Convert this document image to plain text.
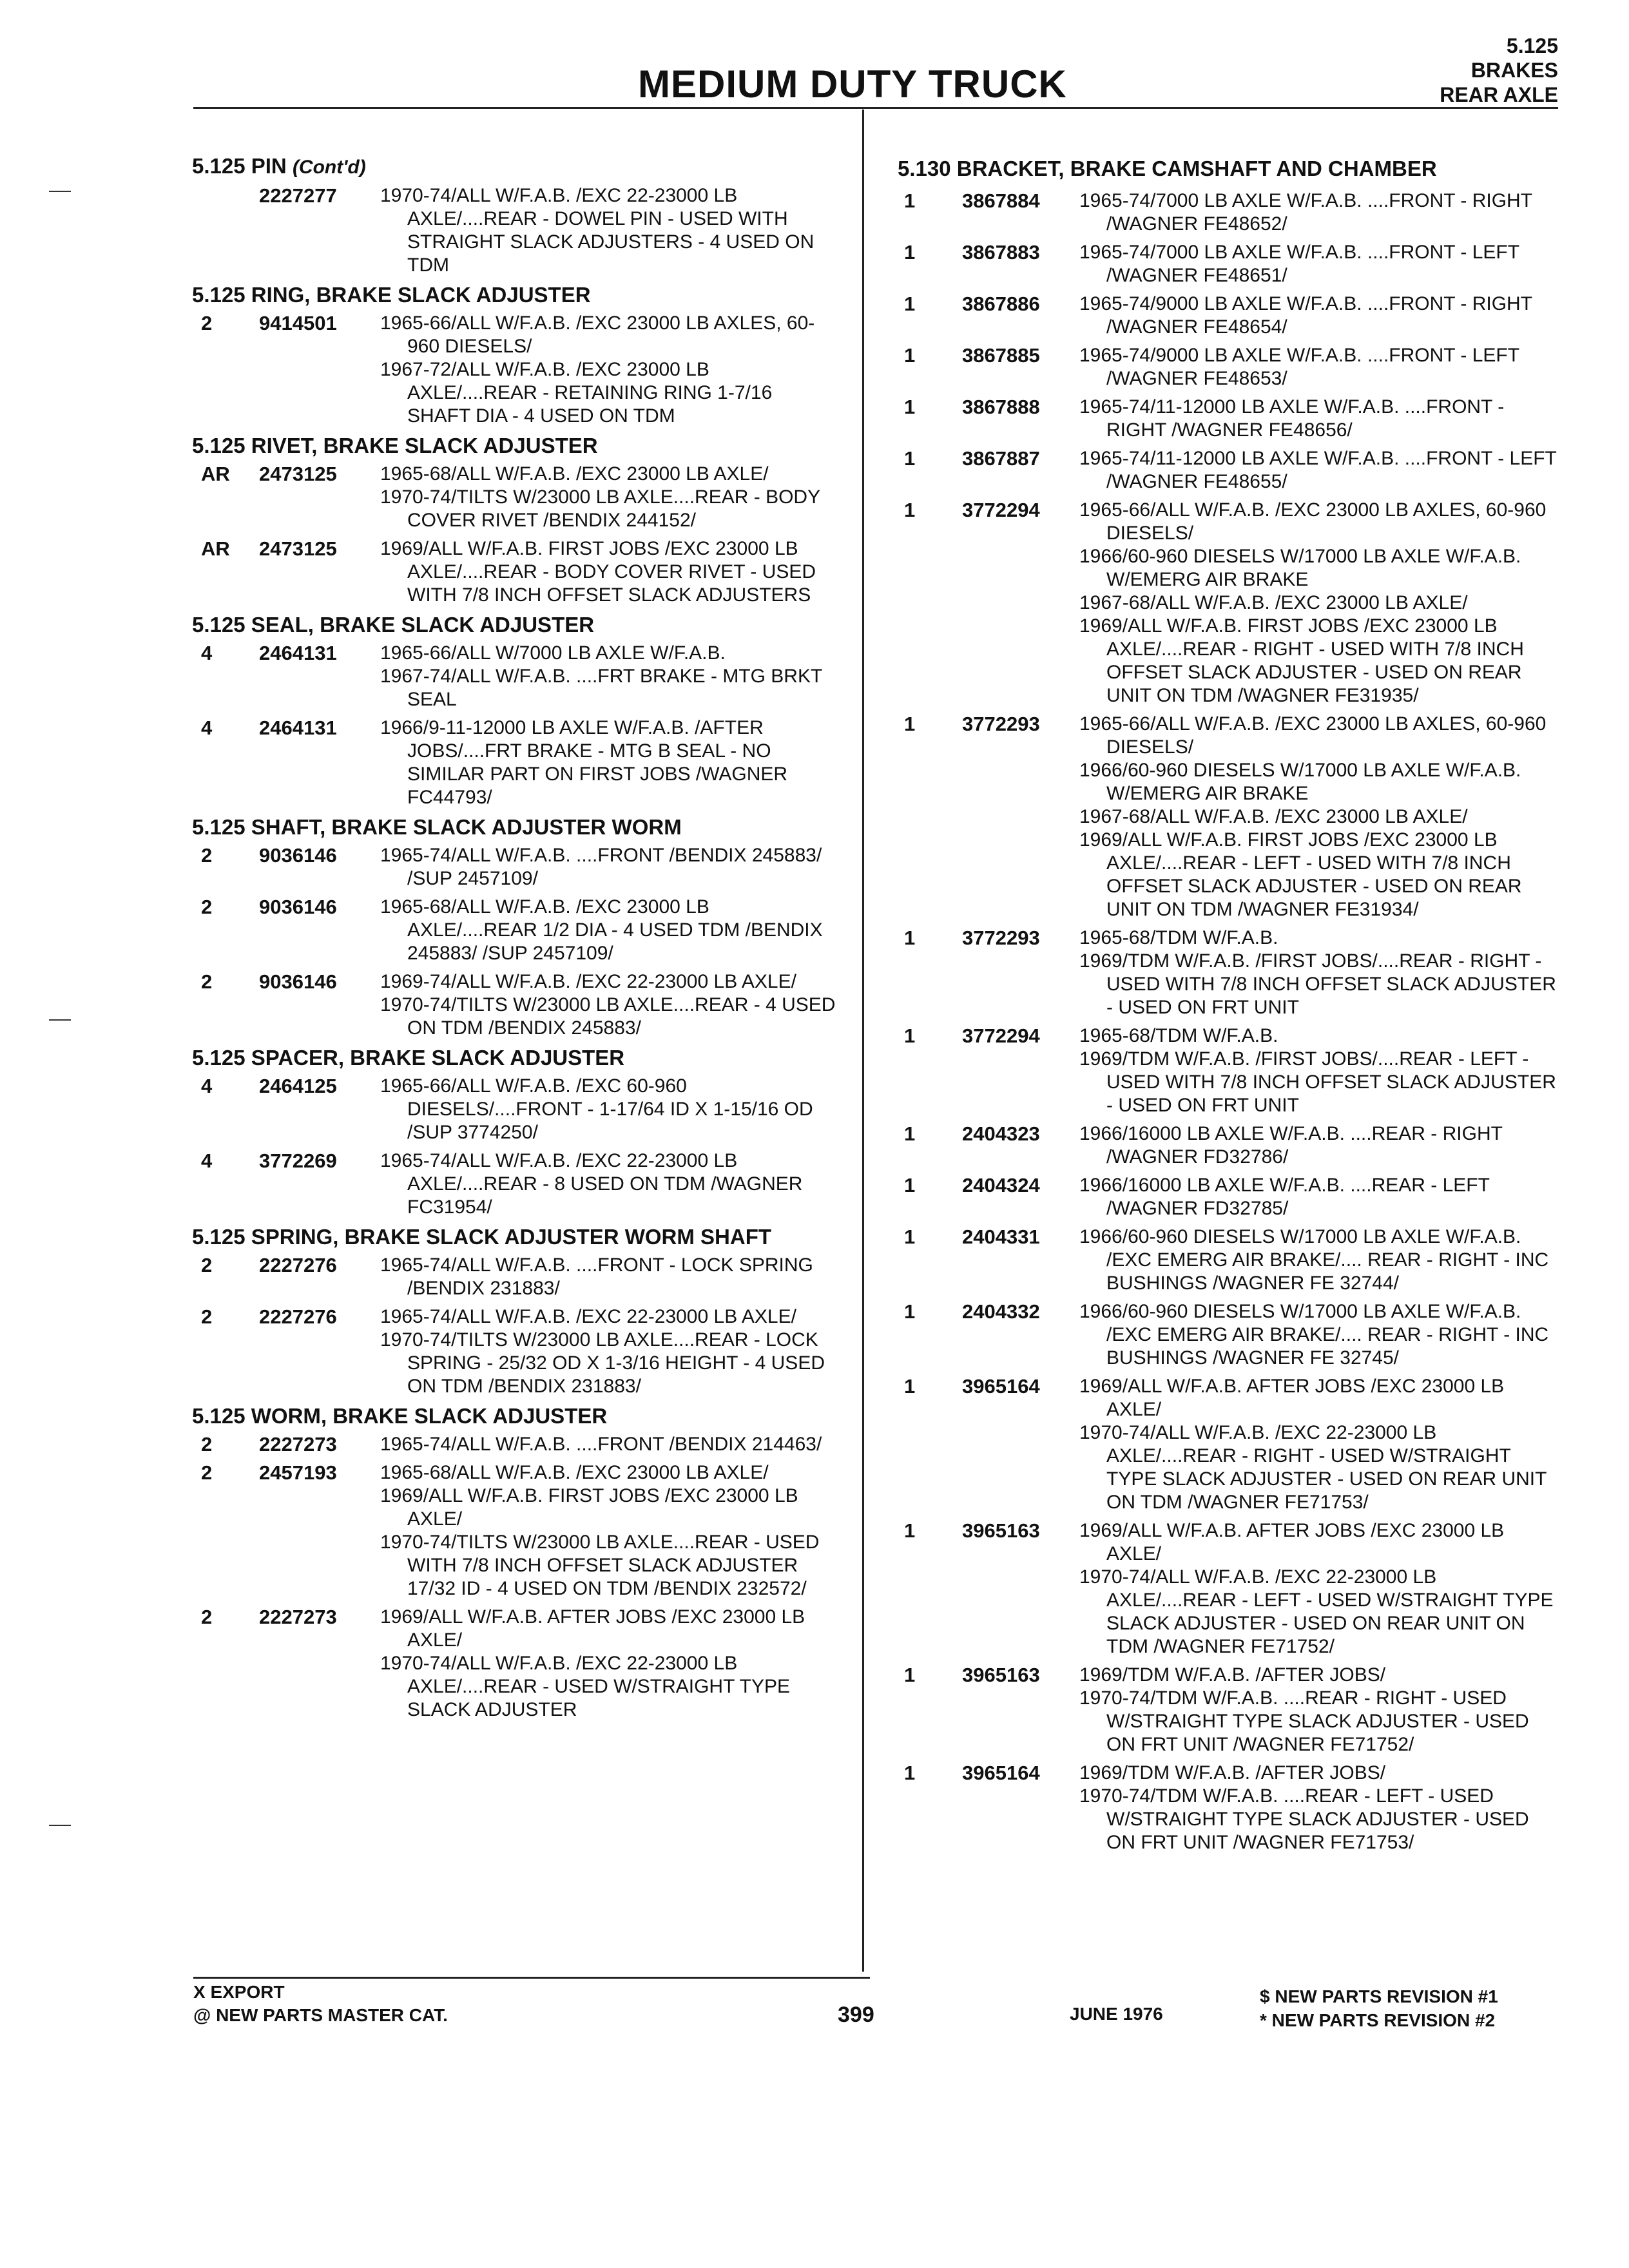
MEDIUM DUTY TRUCK
5.125
BRAKES
REAR AXLE
5.125 PIN (Cont'd)
2227277	1970-74/ALL W/F.A.B. /EXC 22-23000 LB AXLE/....REAR - DOWEL PIN - USED WITH STRAIGHT SLACK ADJUSTERS - 4 USED ON TDM
5.125 RING, BRAKE SLACK ADJUSTER
2	9414501	1965-66/ALL W/F.A.B. /EXC 23000 LB AXLES, 60-960 DIESELS/
1967-72/ALL W/F.A.B. /EXC 23000 LB AXLE/....REAR - RETAINING RING 1-7/16 SHAFT DIA - 4 USED ON TDM
5.125 RIVET, BRAKE SLACK ADJUSTER
AR	2473125	1965-68/ALL W/F.A.B. /EXC 23000 LB AXLE/
1970-74/TILTS W/23000 LB AXLE....REAR - BODY COVER RIVET /BENDIX 244152/
AR	2473125	1969/ALL W/F.A.B. FIRST JOBS /EXC 23000 LB AXLE/....REAR - BODY COVER RIVET - USED WITH 7/8 INCH OFFSET SLACK ADJUSTERS
5.125 SEAL, BRAKE SLACK ADJUSTER
4	2464131	1965-66/ALL W/7000 LB AXLE W/F.A.B.
1967-74/ALL W/F.A.B. ....FRT BRAKE - MTG BRKT SEAL
4	2464131	1966/9-11-12000 LB AXLE W/F.A.B. /AFTER JOBS/....FRT BRAKE - MTG B SEAL - NO SIMILAR PART ON FIRST JOBS /WAGNER FC44793/
5.125 SHAFT, BRAKE SLACK ADJUSTER WORM
2	9036146	1965-74/ALL W/F.A.B. ....FRONT /BENDIX 245883/ /SUP 2457109/
2	9036146	1965-68/ALL W/F.A.B. /EXC 23000 LB AXLE/....REAR 1/2 DIA - 4 USED TDM /BENDIX 245883/ /SUP 2457109/
2	9036146	1969-74/ALL W/F.A.B. /EXC 22-23000 LB AXLE/
1970-74/TILTS W/23000 LB AXLE....REAR - 4 USED ON TDM /BENDIX 245883/
5.125 SPACER, BRAKE SLACK ADJUSTER
4	2464125	1965-66/ALL W/F.A.B. /EXC 60-960 DIESELS/....FRONT - 1-17/64 ID X 1-15/16 OD /SUP 3774250/
4	3772269	1965-74/ALL W/F.A.B. /EXC 22-23000 LB AXLE/....REAR - 8 USED ON TDM /WAGNER FC31954/
5.125 SPRING, BRAKE SLACK ADJUSTER WORM SHAFT
2	2227276	1965-74/ALL W/F.A.B. ....FRONT - LOCK SPRING /BENDIX 231883/
2	2227276	1965-74/ALL W/F.A.B. /EXC 22-23000 LB AXLE/
1970-74/TILTS W/23000 LB AXLE....REAR - LOCK SPRING - 25/32 OD X 1-3/16 HEIGHT - 4 USED ON TDM /BENDIX 231883/
5.125 WORM, BRAKE SLACK ADJUSTER
2	2227273	1965-74/ALL W/F.A.B. ....FRONT /BENDIX 214463/
2	2457193	1965-68/ALL W/F.A.B. /EXC 23000 LB AXLE/
1969/ALL W/F.A.B. FIRST JOBS /EXC 23000 LB AXLE/
1970-74/TILTS W/23000 LB AXLE....REAR - USED WITH 7/8 INCH OFFSET SLACK ADJUSTER 17/32 ID - 4 USED ON TDM /BENDIX 232572/
2	2227273	1969/ALL W/F.A.B. AFTER JOBS /EXC 23000 LB AXLE/
1970-74/ALL W/F.A.B. /EXC 22-23000 LB AXLE/....REAR - USED W/STRAIGHT TYPE SLACK ADJUSTER
5.130 BRACKET, BRAKE CAMSHAFT AND CHAMBER
1	3867884	1965-74/7000 LB AXLE W/F.A.B. ....FRONT - RIGHT /WAGNER FE48652/
1	3867883	1965-74/7000 LB AXLE W/F.A.B. ....FRONT - LEFT /WAGNER FE48651/
1	3867886	1965-74/9000 LB AXLE W/F.A.B. ....FRONT - RIGHT /WAGNER FE48654/
1	3867885	1965-74/9000 LB AXLE W/F.A.B. ....FRONT - LEFT /WAGNER FE48653/
1	3867888	1965-74/11-12000 LB AXLE W/F.A.B. ....FRONT - RIGHT /WAGNER FE48656/
1	3867887	1965-74/11-12000 LB AXLE W/F.A.B. ....FRONT - LEFT /WAGNER FE48655/
1	3772294	1965-66/ALL W/F.A.B. /EXC 23000 LB AXLES, 60-960 DIESELS/
1966/60-960 DIESELS W/17000 LB AXLE W/F.A.B. W/EMERG AIR BRAKE
1967-68/ALL W/F.A.B. /EXC 23000 LB AXLE/
1969/ALL W/F.A.B. FIRST JOBS /EXC 23000 LB AXLE/....REAR - RIGHT - USED WITH 7/8 INCH OFFSET SLACK ADJUSTER - USED ON REAR UNIT ON TDM /WAGNER FE31935/
1	3772293	1965-66/ALL W/F.A.B. /EXC 23000 LB AXLES, 60-960 DIESELS/
1966/60-960 DIESELS W/17000 LB AXLE W/F.A.B. W/EMERG AIR BRAKE
1967-68/ALL W/F.A.B. /EXC 23000 LB AXLE/
1969/ALL W/F.A.B. FIRST JOBS /EXC 23000 LB AXLE/....REAR - LEFT - USED WITH 7/8 INCH OFFSET SLACK ADJUSTER - USED ON REAR UNIT ON TDM /WAGNER FE31934/
1	3772293	1965-68/TDM W/F.A.B.
1969/TDM W/F.A.B. /FIRST JOBS/....REAR - RIGHT - USED WITH 7/8 INCH OFFSET SLACK ADJUSTER - USED ON FRT UNIT
1	3772294	1965-68/TDM W/F.A.B.
1969/TDM W/F.A.B. /FIRST JOBS/....REAR - LEFT - USED WITH 7/8 INCH OFFSET SLACK ADJUSTER - USED ON FRT UNIT
1	2404323	1966/16000 LB AXLE W/F.A.B. ....REAR - RIGHT /WAGNER FD32786/
1	2404324	1966/16000 LB AXLE W/F.A.B. ....REAR - LEFT /WAGNER FD32785/
1	2404331	1966/60-960 DIESELS W/17000 LB AXLE W/F.A.B. /EXC EMERG AIR BRAKE/.... REAR - RIGHT - INC BUSHINGS /WAGNER FE 32744/
1	2404332	1966/60-960 DIESELS W/17000 LB AXLE W/F.A.B. /EXC EMERG AIR BRAKE/.... REAR - RIGHT - INC BUSHINGS /WAGNER FE 32745/
1	3965164	1969/ALL W/F.A.B. AFTER JOBS /EXC 23000 LB AXLE/
1970-74/ALL W/F.A.B. /EXC 22-23000 LB AXLE/....REAR - RIGHT - USED W/STRAIGHT TYPE SLACK ADJUSTER - USED ON REAR UNIT ON TDM /WAGNER FE71753/
1	3965163	1969/ALL W/F.A.B. AFTER JOBS /EXC 23000 LB AXLE/
1970-74/ALL W/F.A.B. /EXC 22-23000 LB AXLE/....REAR - LEFT - USED W/STRAIGHT TYPE SLACK ADJUSTER - USED ON REAR UNIT ON TDM /WAGNER FE71752/
1	3965163	1969/TDM W/F.A.B. /AFTER JOBS/
1970-74/TDM W/F.A.B. ....REAR - RIGHT - USED W/STRAIGHT TYPE SLACK ADJUSTER - USED ON FRT UNIT /WAGNER FE71752/
1	3965164	1969/TDM W/F.A.B. /AFTER JOBS/
1970-74/TDM W/F.A.B. ....REAR - LEFT - USED W/STRAIGHT TYPE SLACK ADJUSTER - USED ON FRT UNIT /WAGNER FE71753/
X EXPORT
@ NEW PARTS MASTER CAT.	399	JUNE 1976
$ NEW PARTS REVISION #1
* NEW PARTS REVISION #2
